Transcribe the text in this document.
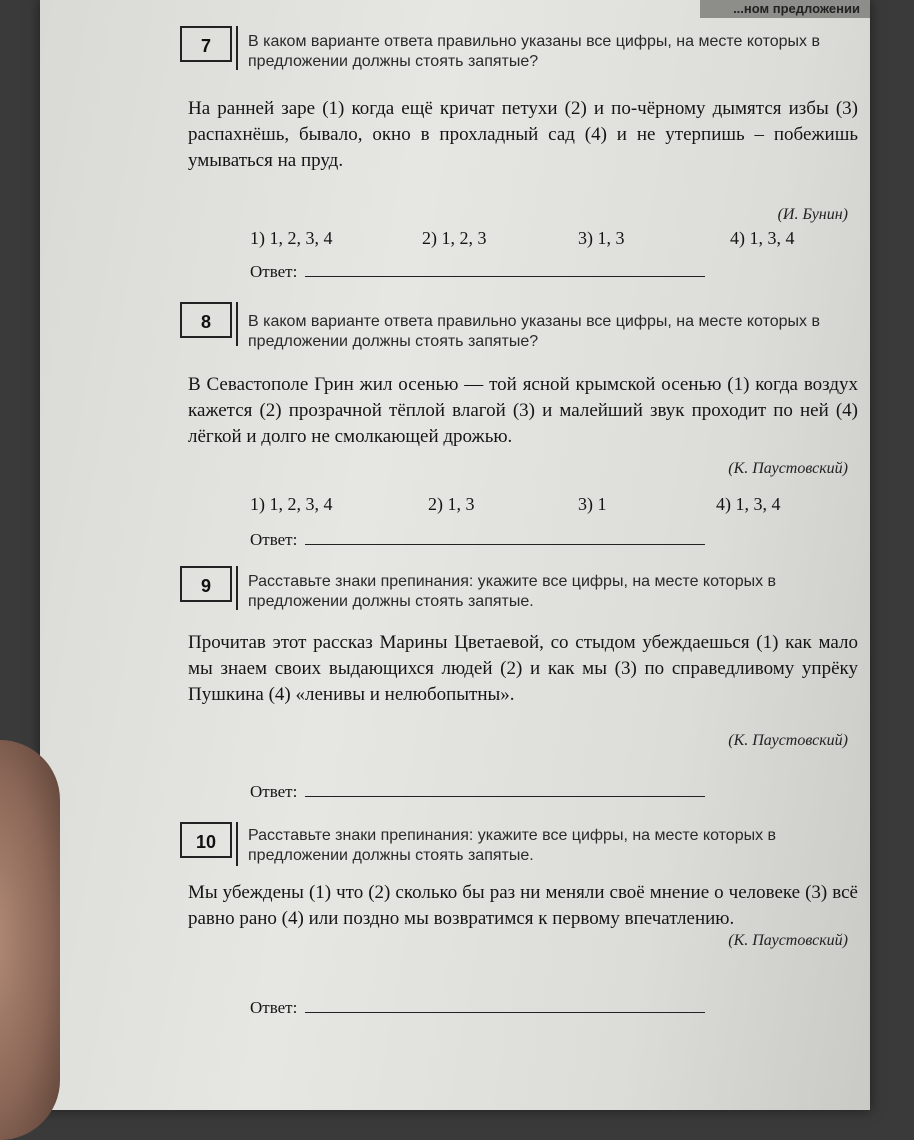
...ном предложении
7	В каком варианте ответа правильно указаны все цифры, на месте которых в предложении должны стоять запятые?
На ранней заре (1) когда ещё кричат петухи (2) и по-чёрному дымятся избы (3) распахнёшь, бывало, окно в прохладный сад (4) и не утерпишь – побежишь умываться на пруд.
(И. Бунин)
1) 1, 2, 3, 4	2) 1, 2, 3	3) 1, 3	4) 1, 3, 4
Ответ:
8	В каком варианте ответа правильно указаны все цифры, на месте которых в предложении должны стоять запятые?
В Севастополе Грин жил осенью — той ясной крымской осенью (1) когда воздух кажется (2) прозрачной тёплой влагой (3) и малейший звук проходит по ней (4) лёгкой и долго не смолкающей дрожью.
(К. Паустовский)
1) 1, 2, 3, 4	2) 1, 3	3) 1	4) 1, 3, 4
Ответ:
9	Расставьте знаки препинания: укажите все цифры, на месте которых в предложении должны стоять запятые.
Прочитав этот рассказ Марины Цветаевой, со стыдом убеждаешься (1) как мало мы знаем своих выдающихся людей (2) и как мы (3) по справедливому упрёку Пушкина (4) «ленивы и нелюбопытны».
(К. Паустовский)
Ответ:
10	Расставьте знаки препинания: укажите все цифры, на месте которых в предложении должны стоять запятые.
Мы убеждены (1) что (2) сколько бы раз ни меняли своё мнение о человеке (3) всё равно рано (4) или поздно мы возвратимся к первому впечатлению.
(К. Паустовский)
Ответ:
